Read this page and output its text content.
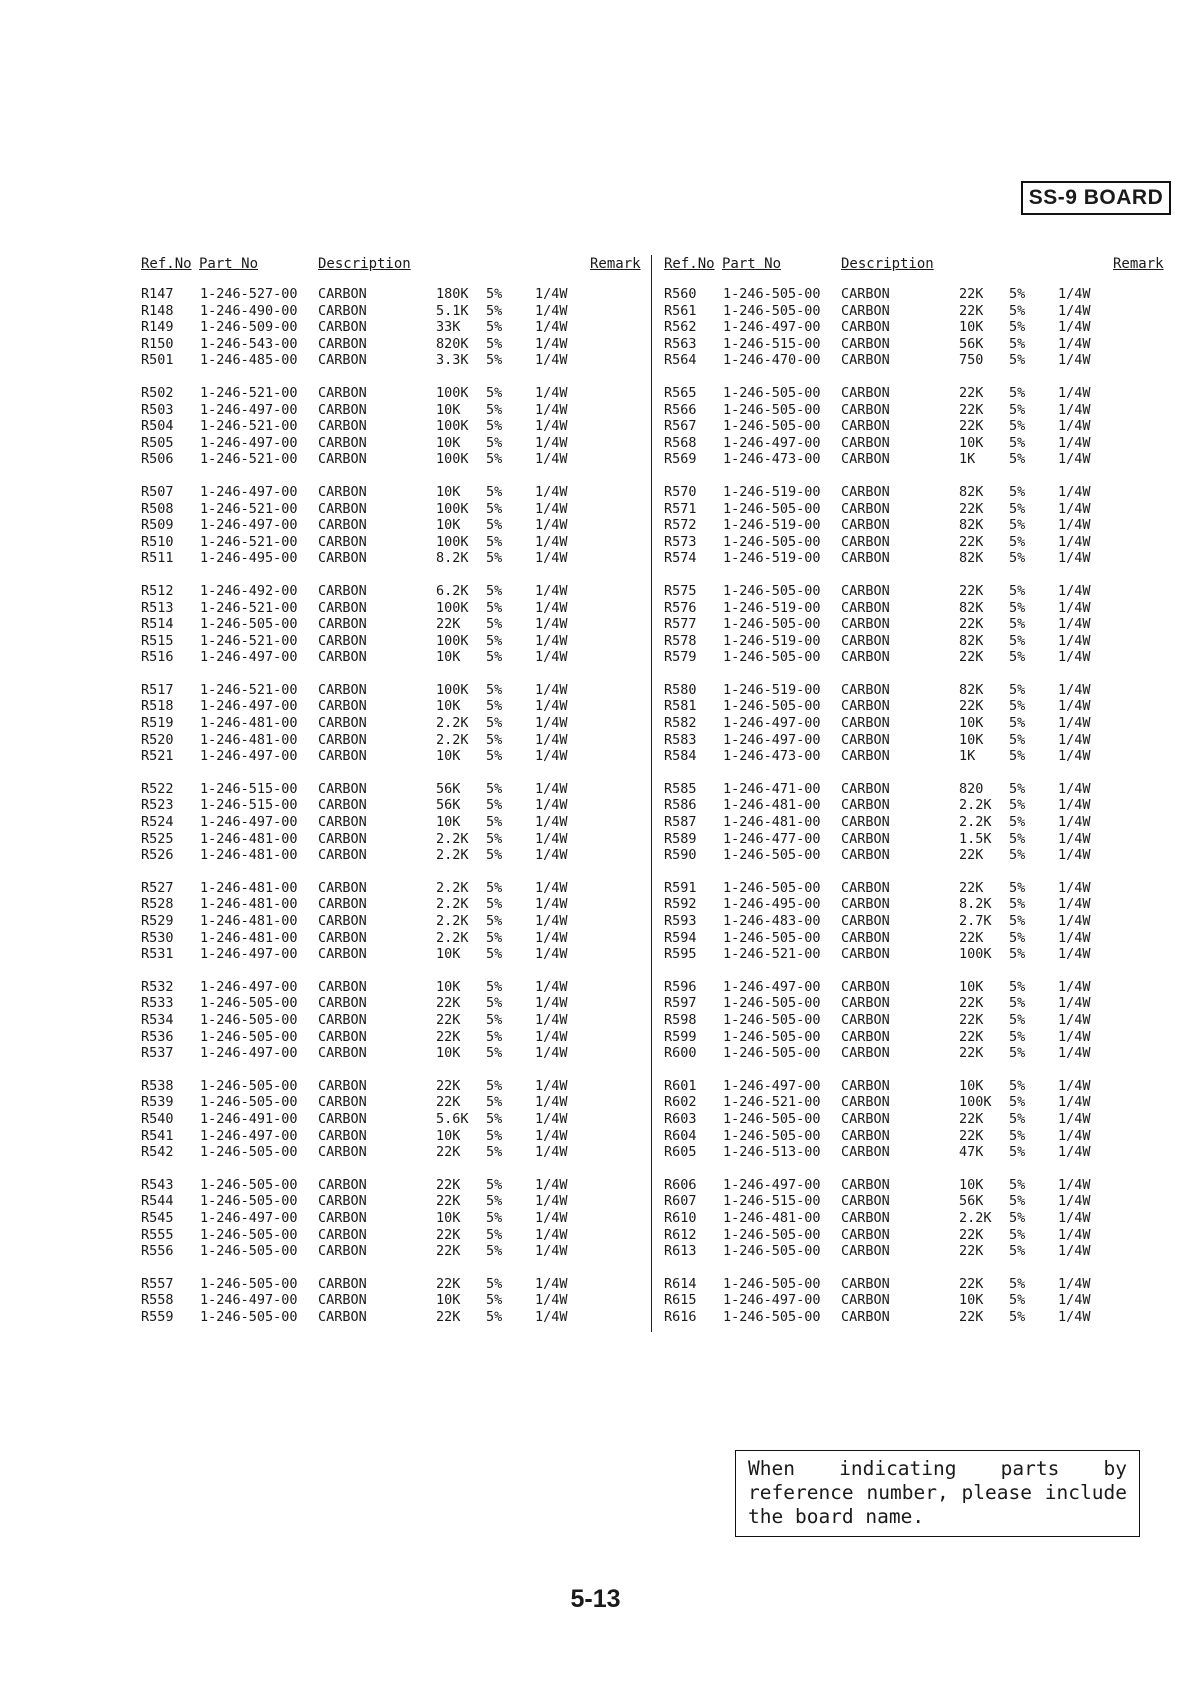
SS-9 BOARD
Ref.No Part No	Description	Remark
R147 1-246-527-00 CARBON	180K 5% 1/4W
R148 1-246-490-00 CARBON	5.1K 5% 1/4W
R149 1-246-509-00 CARBON	33K 5% 1/4W
R150 1-246-543-00 CARBON	820K 5% 1/4W
R501 1-246-485-00 CARBON	3.3K 5% 1/4W
R502 1-246-521-00 CARBON	100K 5% 1/4W
R503 1-246-497-00 CARBON	10K 5% 1/4W
R504 1-246-521-00 CARBON	100K 5% 1/4W
R505 1-246-497-00 CARBON	10K 5% 1/4W
R506 1-246-521-00 CARBON	100K 5% 1/4W
R507 1-246-497-00 CARBON	10K 5% 1/4W
R508 1-246-521-00 CARBON	100K 5% 1/4W
R509 1-246-497-00 CARBON	10K 5% 1/4W
R510 1-246-521-00 CARBON	100K 5% 1/4W
R511 1-246-495-00 CARBON	8.2K 5% 1/4W
R512 1-246-492-00 CARBON	6.2K 5% 1/4W
R513 1-246-521-00 CARBON	100K 5% 1/4W
R514 1-246-505-00 CARBON	22K 5% 1/4W
R515 1-246-521-00 CARBON	100K 5% 1/4W
R516 1-246-497-00 CARBON	10K 5% 1/4W
R517 1-246-521-00 CARBON	100K 5% 1/4W
R518 1-246-497-00 CARBON	10K 5% 1/4W
R519 1-246-481-00 CARBON	2.2K 5% 1/4W
R520 1-246-481-00 CARBON	2.2K 5% 1/4W
R521 1-246-497-00 CARBON	10K 5% 1/4W
R522 1-246-515-00 CARBON	56K 5% 1/4W
R523 1-246-515-00 CARBON	56K 5% 1/4W
R524 1-246-497-00 CARBON	10K 5% 1/4W
R525 1-246-481-00 CARBON	2.2K 5% 1/4W
R526 1-246-481-00 CARBON	2.2K 5% 1/4W
R527 1-246-481-00 CARBON	2.2K 5% 1/4W
R528 1-246-481-00 CARBON	2.2K 5% 1/4W
R529 1-246-481-00 CARBON	2.2K 5% 1/4W
R530 1-246-481-00 CARBON	2.2K 5% 1/4W
R531 1-246-497-00 CARBON	10K 5% 1/4W
R532 1-246-497-00 CARBON	10K 5% 1/4W
R533 1-246-505-00 CARBON	22K 5% 1/4W
R534 1-246-505-00 CARBON	22K 5% 1/4W
R536 1-246-505-00 CARBON	22K 5% 1/4W
R537 1-246-497-00 CARBON	10K 5% 1/4W
R538 1-246-505-00 CARBON	22K 5% 1/4W
R539 1-246-505-00 CARBON	22K 5% 1/4W
R540 1-246-491-00 CARBON	5.6K 5% 1/4W
R541 1-246-497-00 CARBON	10K 5% 1/4W
R542 1-246-505-00 CARBON	22K 5% 1/4W
R543 1-246-505-00 CARBON	22K 5% 1/4W
R544 1-246-505-00 CARBON	22K 5% 1/4W
R545 1-246-497-00 CARBON	10K 5% 1/4W
R555 1-246-505-00 CARBON	22K 5% 1/4W
R556 1-246-505-00 CARBON	22K 5% 1/4W
R557 1-246-505-00 CARBON	22K 5% 1/4W
R558 1-246-497-00 CARBON	10K 5% 1/4W
R559 1-246-505-00 CARBON	22K 5% 1/4W
Ref.No Part No	Description	Remark
R560 1-246-505-00 CARBON	22K 5% 1/4W
R561 1-246-505-00 CARBON	22K 5% 1/4W
R562 1-246-497-00 CARBON	10K 5% 1/4W
R563 1-246-515-00 CARBON	56K 5% 1/4W
R564 1-246-470-00 CARBON	750 5% 1/4W
R565 1-246-505-00 CARBON	22K 5% 1/4W
R566 1-246-505-00 CARBON	22K 5% 1/4W
R567 1-246-505-00 CARBON	22K 5% 1/4W
R568 1-246-497-00 CARBON	10K 5% 1/4W
R569 1-246-473-00 CARBON	1K 5% 1/4W
R570 1-246-519-00 CARBON	82K 5% 1/4W
R571 1-246-505-00 CARBON	22K 5% 1/4W
R572 1-246-519-00 CARBON	82K 5% 1/4W
R573 1-246-505-00 CARBON	22K 5% 1/4W
R574 1-246-519-00 CARBON	82K 5% 1/4W
R575 1-246-505-00 CARBON	22K 5% 1/4W
R576 1-246-519-00 CARBON	82K 5% 1/4W
R577 1-246-505-00 CARBON	22K 5% 1/4W
R578 1-246-519-00 CARBON	82K 5% 1/4W
R579 1-246-505-00 CARBON	22K 5% 1/4W
R580 1-246-519-00 CARBON	82K 5% 1/4W
R581 1-246-505-00 CARBON	22K 5% 1/4W
R582 1-246-497-00 CARBON	10K 5% 1/4W
R583 1-246-497-00 CARBON	10K 5% 1/4W
R584 1-246-473-00 CARBON	1K 5% 1/4W
R585 1-246-471-00 CARBON	820 5% 1/4W
R586 1-246-481-00 CARBON	2.2K 5% 1/4W
R587 1-246-481-00 CARBON	2.2K 5% 1/4W
R589 1-246-477-00 CARBON	1.5K 5% 1/4W
R590 1-246-505-00 CARBON	22K 5% 1/4W
R591 1-246-505-00 CARBON	22K 5% 1/4W
R592 1-246-495-00 CARBON	8.2K 5% 1/4W
R593 1-246-483-00 CARBON	2.7K 5% 1/4W
R594 1-246-505-00 CARBON	22K 5% 1/4W
R595 1-246-521-00 CARBON	100K 5% 1/4W
R596 1-246-497-00 CARBON	10K 5% 1/4W
R597 1-246-505-00 CARBON	22K 5% 1/4W
R598 1-246-505-00 CARBON	22K 5% 1/4W
R599 1-246-505-00 CARBON	22K 5% 1/4W
R600 1-246-505-00 CARBON	22K 5% 1/4W
R601 1-246-497-00 CARBON	10K 5% 1/4W
R602 1-246-521-00 CARBON	100K 5% 1/4W
R603 1-246-505-00 CARBON	22K 5% 1/4W
R604 1-246-505-00 CARBON	22K 5% 1/4W
R605 1-246-513-00 CARBON	47K 5% 1/4W
R606 1-246-497-00 CARBON	10K 5% 1/4W
R607 1-246-515-00 CARBON	56K 5% 1/4W
R610 1-246-481-00 CARBON	2.2K 5% 1/4W
R612 1-246-505-00 CARBON	22K 5% 1/4W
R613 1-246-505-00 CARBON	22K 5% 1/4W
R614 1-246-505-00 CARBON	22K 5% 1/4W
R615 1-246-497-00 CARBON	10K 5% 1/4W
R616 1-246-505-00 CARBON	22K 5% 1/4W
When indicating parts by reference number, please include the board name.
5-13
